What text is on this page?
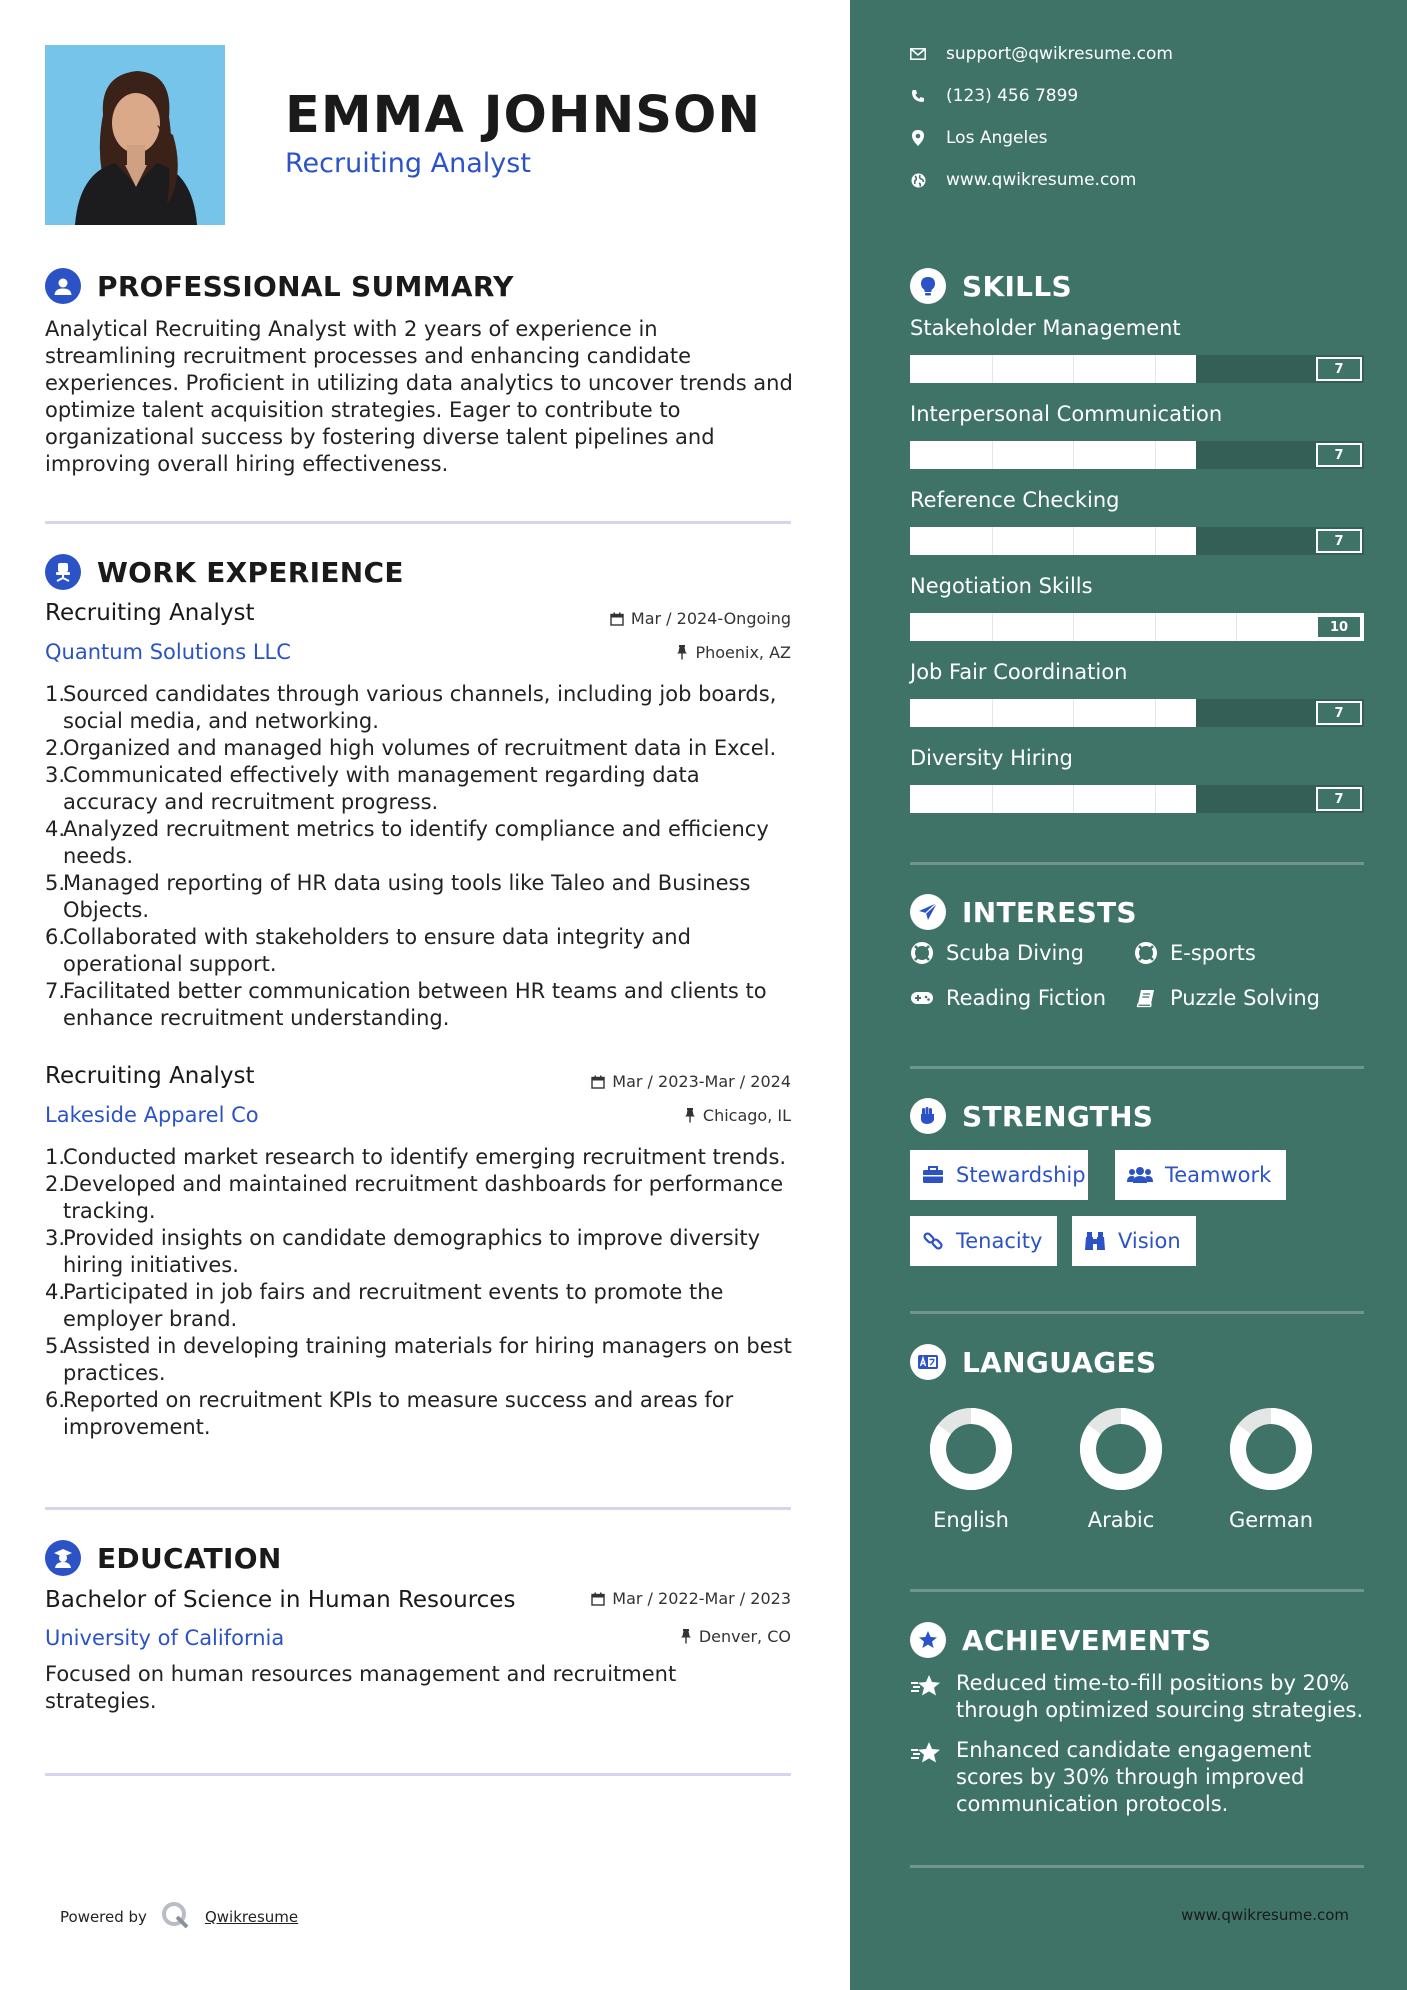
EMMA JOHNSON
Recruiting Analyst
PROFESSIONAL SUMMARY

Analytical Recruiting Analyst with 2 years of experience in streamlining recruitment processes and enhancing candidate experiences. Proficient in utilizing data analytics to uncover trends and optimize talent acquisition strategies. Eager to contribute to organizational success by fostering diverse talent pipelines and improving overall hiring effectiveness.

WORK EXPERIENCE
Recruiting Analyst	Mar / 2024-Ongoing
Quantum Solutions LLC	Phoenix, AZ
1.
Sourced candidates through various channels, including job boards, social media, and networking.
2.
Organized and managed high volumes of recruitment data in Excel.
3.
Communicated effectively with management regarding data accuracy and recruitment progress.
4.
Analyzed recruitment metrics to identify compliance and efficiency needs.
5.
Managed reporting of HR data using tools like Taleo and Business Objects.
6.
Collaborated with stakeholders to ensure data integrity and operational support.
7.
Facilitated better communication between HR teams and clients to enhance recruitment understanding.
Recruiting Analyst	Mar / 2023-Mar / 2024
Lakeside Apparel Co	Chicago, IL
1.
Conducted market research to identify emerging recruitment trends.
2.
Developed and maintained recruitment dashboards for performance tracking.
3.
Provided insights on candidate demographics to improve diversity hiring initiatives.
4.
Participated in job fairs and recruitment events to promote the employer brand.
5.
Assisted in developing training materials for hiring managers on best practices.
6.
Reported on recruitment KPIs to measure success and areas for improvement.
EDUCATION
Bachelor of Science in Human Resources	Mar / 2022-Mar / 2023
University of California	Denver, CO

Focused on human resources management and recruitment strategies.

Powered by	Qwikresume
support@qwikresume.com
(123) 456 7899
Los Angeles
www.qwikresume.com
SKILLS
Stakeholder Management
7
Interpersonal Communication
7
Reference Checking
7
Negotiation Skills
10
Job Fair Coordination
7
Diversity Hiring
7
INTERESTS
Scuba Diving	E-sports
Reading Fiction	Puzzle Solving
STRENGTHS
Stewardship	Teamwork
Tenacity	Vision
LANGUAGES
English	Arabic	German
ACHIEVEMENTS
Reduced time-to-fill positions by 20% through optimized sourcing strategies.
Enhanced candidate engagement scores by 30% through improved communication protocols.
www.qwikresume.com
